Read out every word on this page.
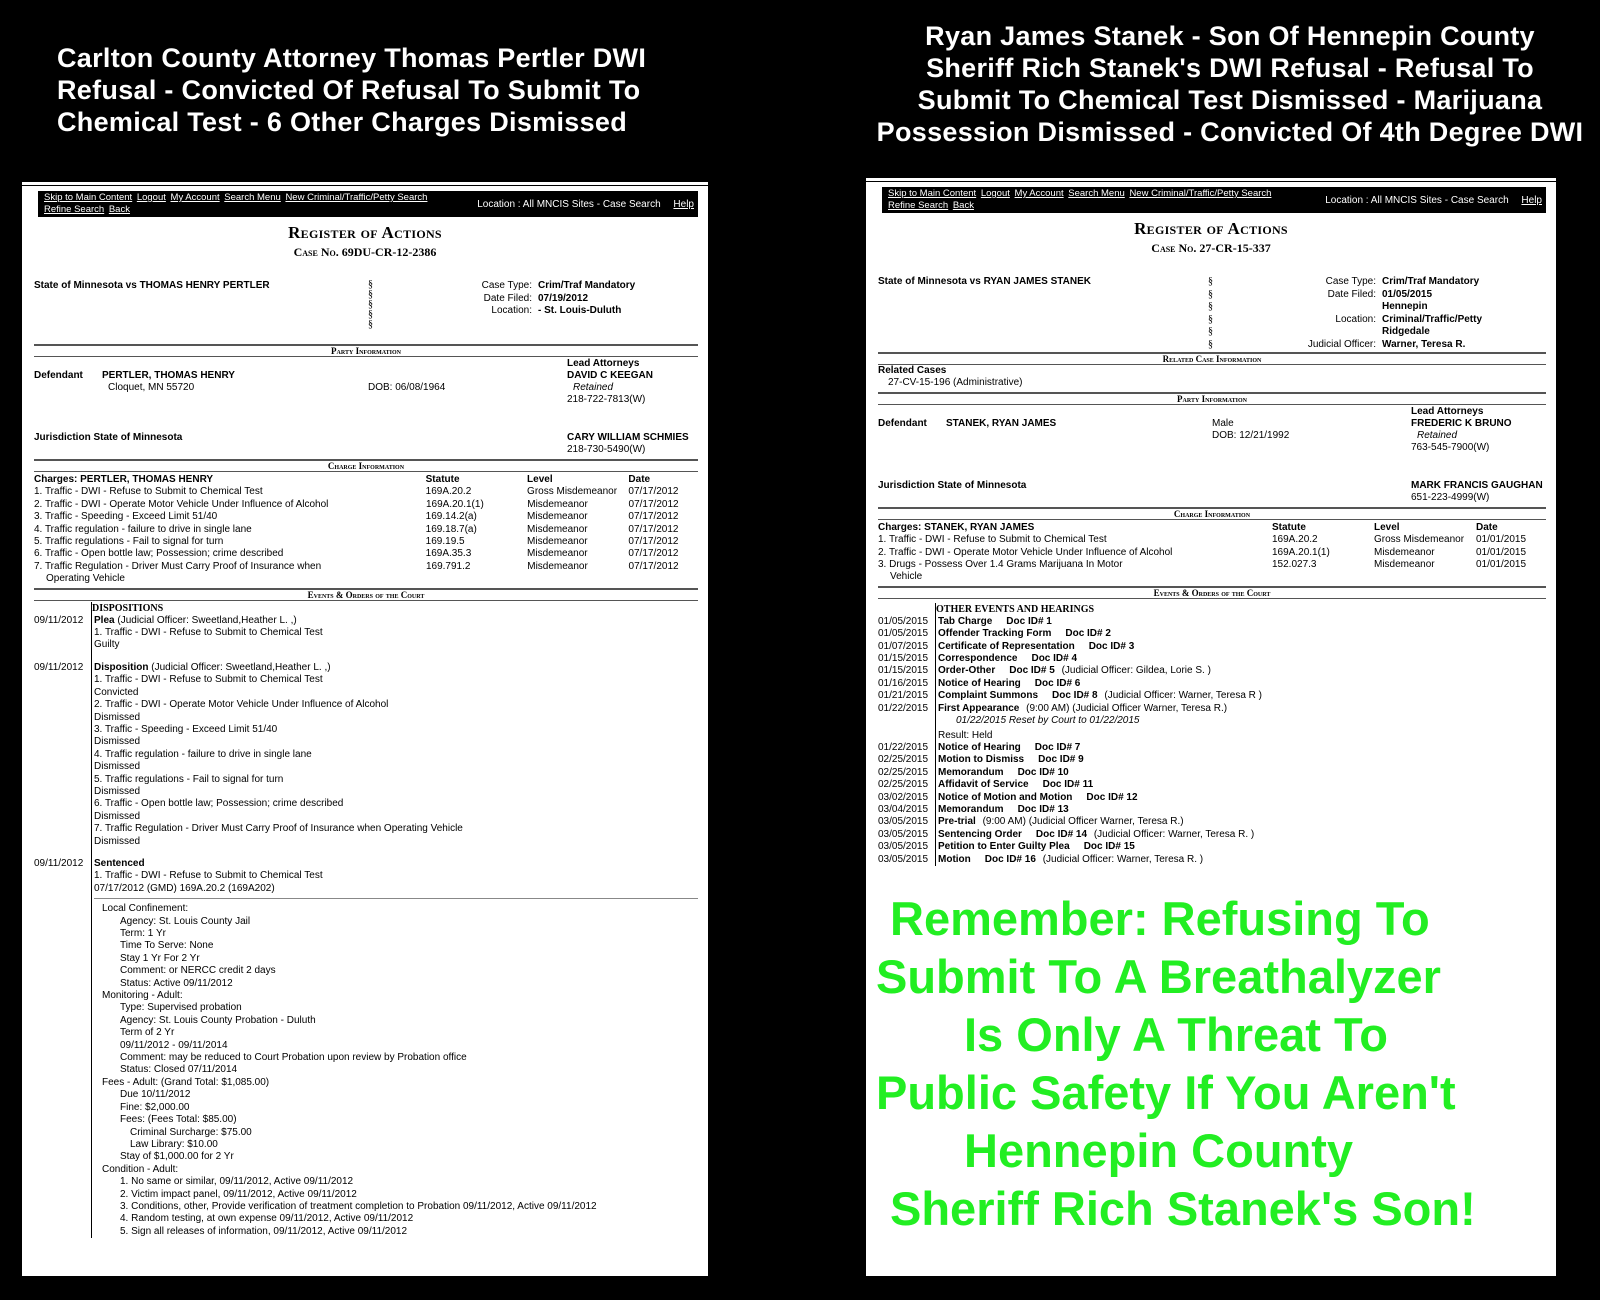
Carlton County Attorney Thomas Pertler DWI
Refusal - Convicted Of Refusal To Submit To
Chemical Test - 6 Other Charges Dismissed
Ryan James Stanek - Son Of Hennepin County
Sheriff Rich Stanek's DWI Refusal - Refusal To
Submit To Chemical Test Dismissed - Marijuana
Possession Dismissed - Convicted Of 4th Degree DWI
Skip to Main Content Logout My Account Search Menu New Criminal/Traffic/Petty Search Refine Search Back	Location : All MNCIS Sites - Case Search Help
Register of Actions
Case No. 69DU-CR-12-2386
State of Minnesota vs THOMAS HENRY PERTLER	§
§
§
§
§
Case Type: Crim/Traf Mandatory
Date Filed: 07/19/2012
Location: - St. Louis-Duluth
Party Information
Defendant PERTLER, THOMAS HENRY
Cloquet, MN 55720	DOB: 06/08/1964
Lead Attorneys
DAVID C KEEGAN
Retained
218-722-7813(W)
Jurisdiction State of Minnesota	CARY WILLIAM SCHMIES
218-730-5490(W)
Charge Information
Charges: PERTLER, THOMAS HENRY	Statute	Level	Date
1. Traffic - DWI - Refuse to Submit to Chemical Test	169A.20.2	Gross Misdemeanor	07/17/2012
2. Traffic - DWI - Operate Motor Vehicle Under Influence of Alcohol	169A.20.1(1)	Misdemeanor	07/17/2012
3. Traffic - Speeding - Exceed Limit 51/40	169.14.2(a)	Misdemeanor	07/17/2012
4. Traffic regulation - failure to drive in single lane	169.18.7(a)	Misdemeanor	07/17/2012
5. Traffic regulations - Fail to signal for turn	169.19.5	Misdemeanor	07/17/2012
6. Traffic - Open bottle law; Possession; crime described	169A.35.3	Misdemeanor	07/17/2012
7. Traffic Regulation - Driver Must Carry Proof of Insurance when Operating Vehicle
169.791.2	Misdemeanor	07/17/2012
Events & Orders of the Court
DISPOSITIONS
09/11/2012	Plea (Judicial Officer: Sweetland,Heather L. ,)
1. Traffic - DWI - Refuse to Submit to Chemical Test
Guilty
09/11/2012	Disposition (Judicial Officer: Sweetland,Heather L. ,)
1. Traffic - DWI - Refuse to Submit to Chemical Test
Convicted
2. Traffic - DWI - Operate Motor Vehicle Under Influence of Alcohol
Dismissed
3. Traffic - Speeding - Exceed Limit 51/40
Dismissed
4. Traffic regulation - failure to drive in single lane
Dismissed
5. Traffic regulations - Fail to signal for turn
Dismissed
6. Traffic - Open bottle law; Possession; crime described
Dismissed
7. Traffic Regulation - Driver Must Carry Proof of Insurance when Operating Vehicle
Dismissed
09/11/2012	Sentenced
1. Traffic - DWI - Refuse to Submit to Chemical Test
07/17/2012 (GMD) 169A.20.2 (169A202)
Local Confinement:
Agency: St. Louis County Jail
Term: 1 Yr
Time To Serve: None
Stay 1 Yr For 2 Yr
Comment: or NERCC credit 2 days
Status: Active 09/11/2012
Monitoring - Adult:
Type: Supervised probation
Agency: St. Louis County Probation - Duluth
Term of 2 Yr
09/11/2012 - 09/11/2014
Comment: may be reduced to Court Probation upon review by Probation office
Status: Closed 07/11/2014
Fees - Adult: (Grand Total: $1,085.00)
Due 10/11/2012
Fine: $2,000.00
Fees: (Fees Total: $85.00)
Criminal Surcharge: $75.00
Law Library: $10.00
Stay of $1,000.00 for 2 Yr
Condition - Adult:
1. No same or similar, 09/11/2012, Active 09/11/2012
2. Victim impact panel, 09/11/2012, Active 09/11/2012
3. Conditions, other, Provide verification of treatment completion to Probation 09/11/2012, Active 09/11/2012
4. Random testing, at own expense 09/11/2012, Active 09/11/2012
5. Sign all releases of information, 09/11/2012, Active 09/11/2012
Skip to Main Content Logout My Account Search Menu New Criminal/Traffic/Petty Search Refine Search Back	Location : All MNCIS Sites - Case Search Help
Register of Actions
Case No. 27-CR-15-337
State of Minnesota vs RYAN JAMES STANEK	§
§
§
§
§
§
Case Type: Crim/Traf Mandatory
Date Filed: 01/05/2015
Hennepin
Location: Criminal/Traffic/Petty
Ridgedale
Judicial Officer: Warner, Teresa R.
Related Case Information
Related Cases
27-CV-15-196 (Administrative)
Party Information
Defendant STANEK, RYAN JAMES	Male
DOB: 12/21/1992
Lead Attorneys
FREDERIC K BRUNO
Retained
763-545-7900(W)
Jurisdiction State of Minnesota	MARK FRANCIS GAUGHAN
651-223-4999(W)
Charge Information
Charges: STANEK, RYAN JAMES	Statute	Level	Date
1. Traffic - DWI - Refuse to Submit to Chemical Test	169A.20.2	Gross Misdemeanor	01/01/2015
2. Traffic - DWI - Operate Motor Vehicle Under Influence of Alcohol	169A.20.1(1)	Misdemeanor	01/01/2015
3. Drugs - Possess Over 1.4 Grams Marijuana In Motor Vehicle
152.027.3	Misdemeanor	01/01/2015
Events & Orders of the Court
OTHER EVENTS AND HEARINGS
01/05/2015 Tab Charge Doc ID# 1
01/05/2015 Offender Tracking Form Doc ID# 2
01/07/2015 Certificate of Representation Doc ID# 3
01/15/2015 Correspondence Doc ID# 4
01/15/2015 Order-Other Doc ID# 5 (Judicial Officer: Gildea, Lorie S. )
01/16/2015 Notice of Hearing Doc ID# 6
01/21/2015 Complaint Summons Doc ID# 8 (Judicial Officer: Warner, Teresa R )
01/22/2015 First Appearance (9:00 AM) (Judicial Officer Warner, Teresa R.)
01/22/2015 Reset by Court to 01/22/2015
Result: Held
01/22/2015 Notice of Hearing Doc ID# 7
02/25/2015 Motion to Dismiss Doc ID# 9
02/25/2015 Memorandum Doc ID# 10
02/25/2015 Affidavit of Service Doc ID# 11
03/02/2015 Notice of Motion and Motion Doc ID# 12
03/04/2015 Memorandum Doc ID# 13
03/05/2015 Pre-trial (9:00 AM) (Judicial Officer Warner, Teresa R.)
03/05/2015 Sentencing Order Doc ID# 14 (Judicial Officer: Warner, Teresa R. )
03/05/2015 Petition to Enter Guilty Plea Doc ID# 15
03/05/2015 Motion Doc ID# 16 (Judicial Officer: Warner, Teresa R. )
Remember: Refusing To
Submit To A Breathalyzer
Is Only A Threat To
Public Safety If You Aren't
Hennepin County
Sheriff Rich Stanek's Son!
